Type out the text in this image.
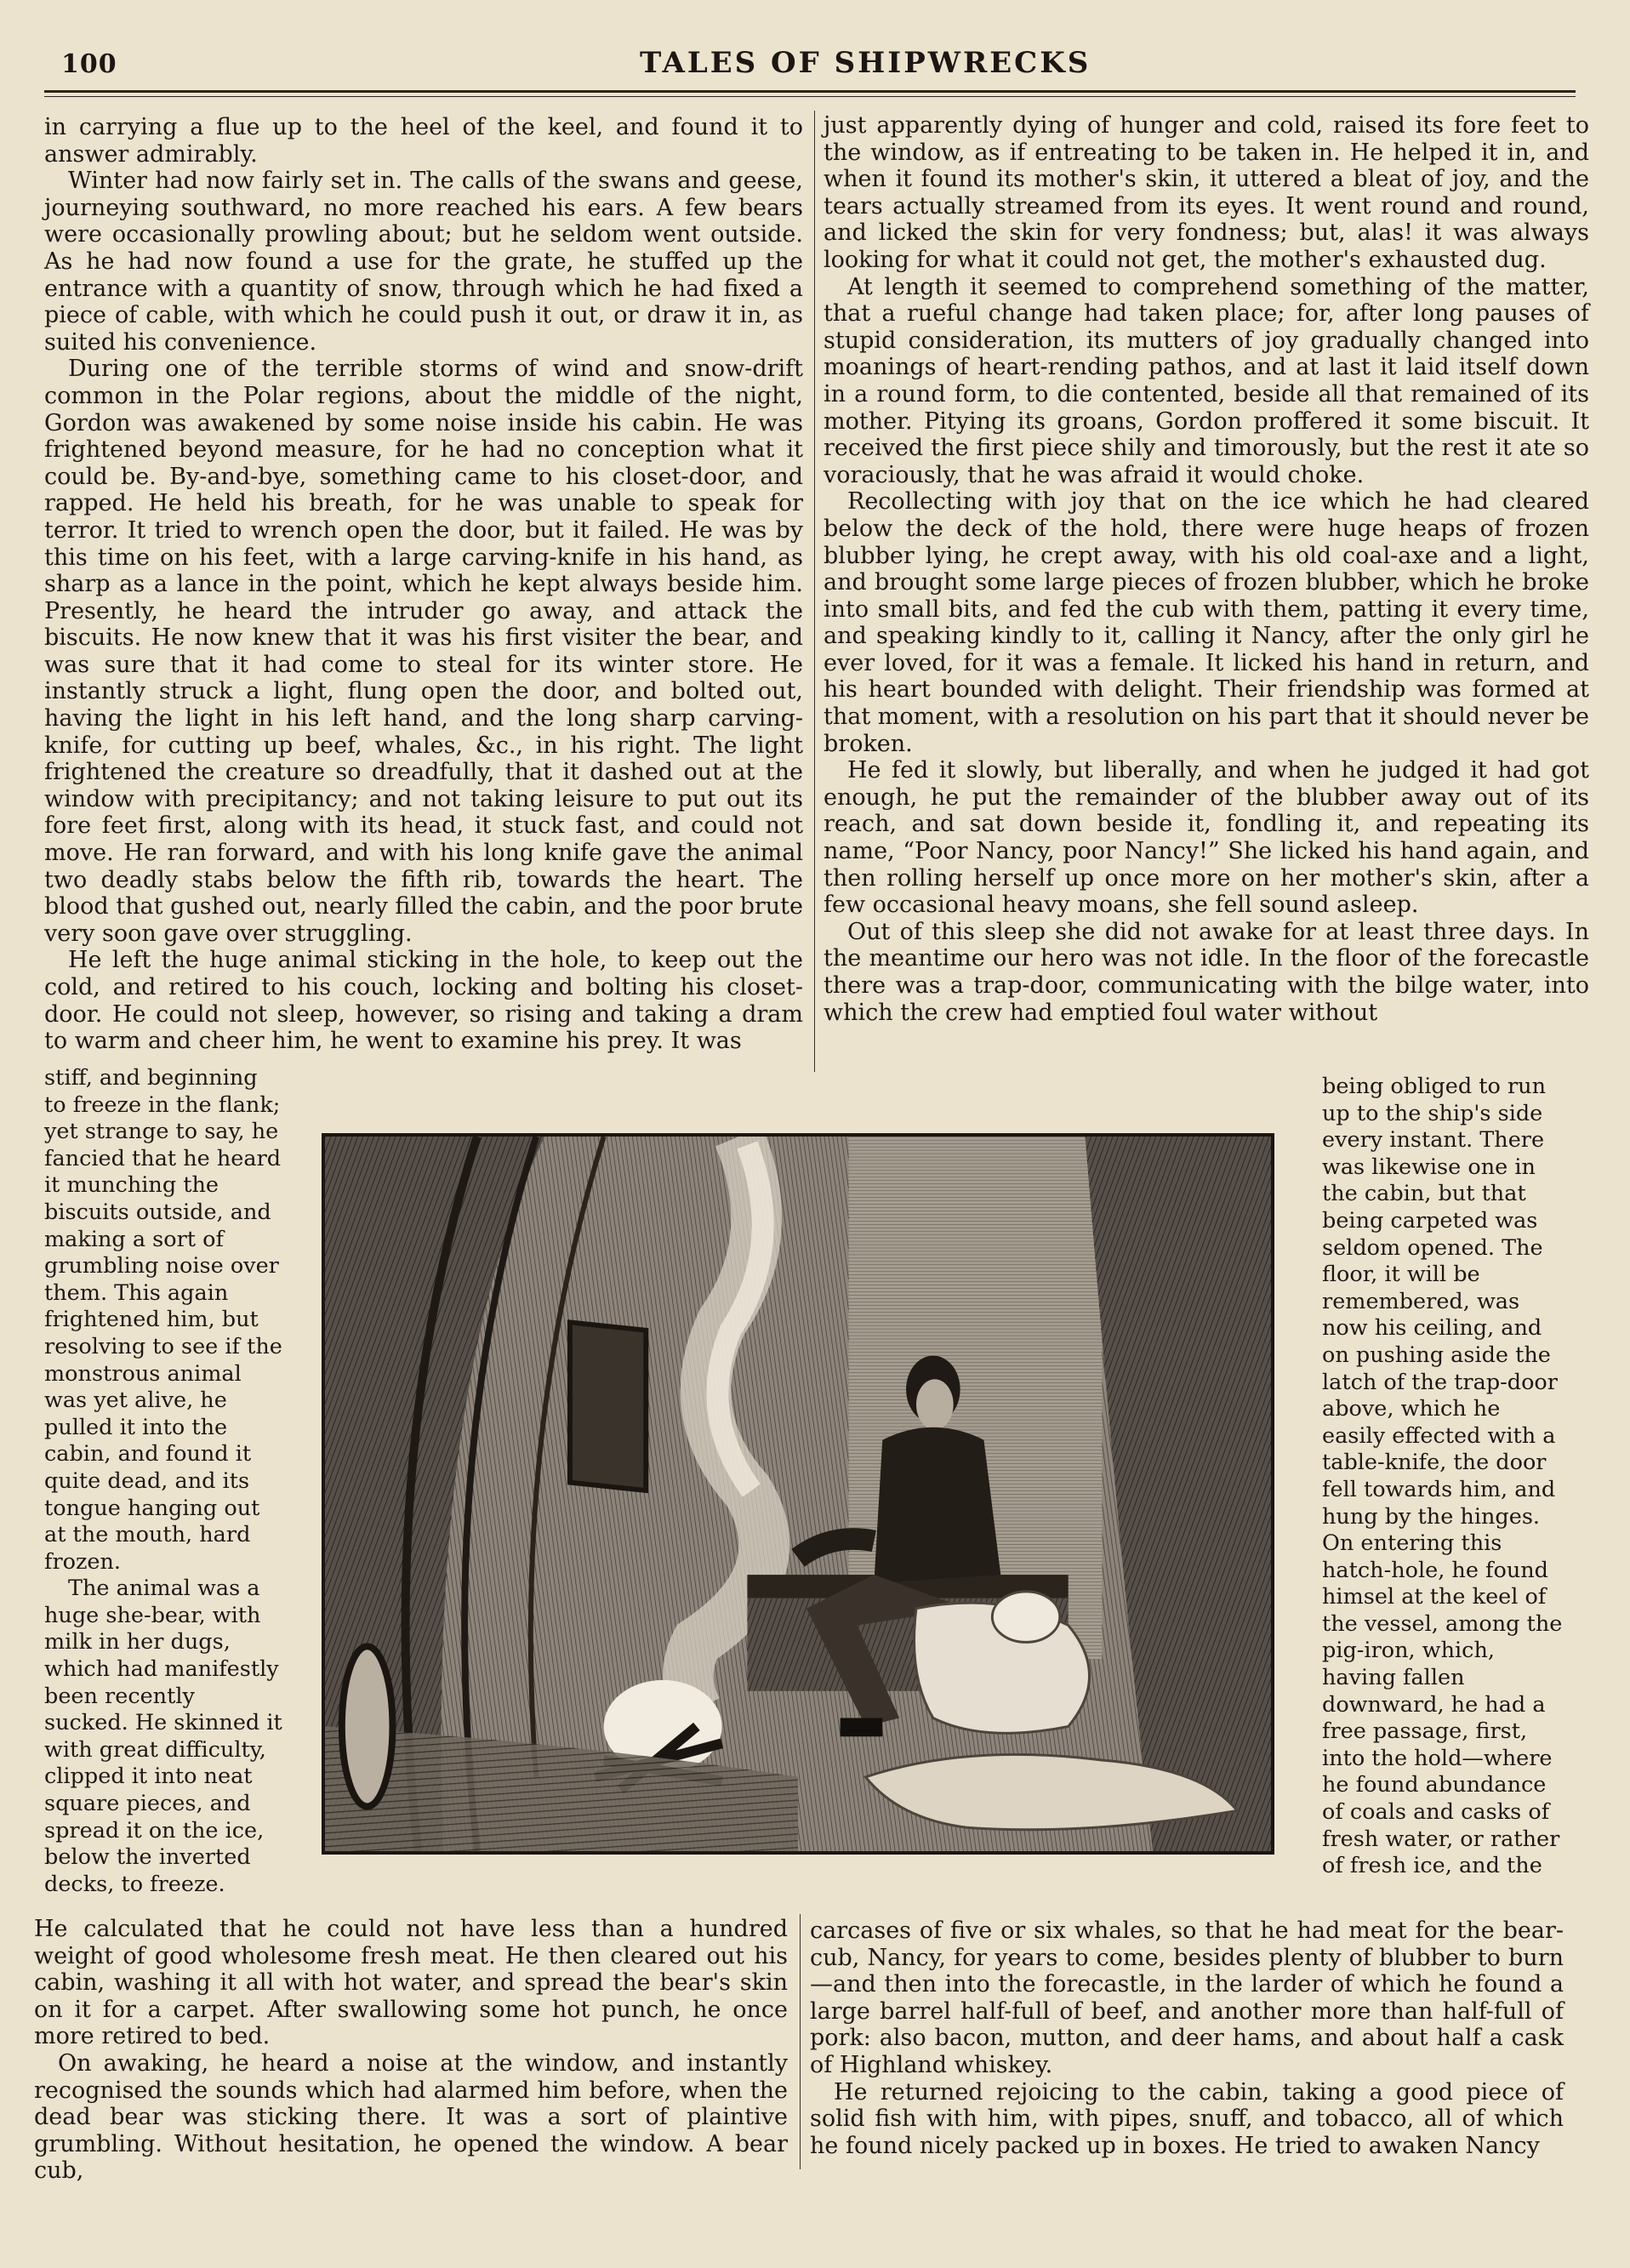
100	TALES OF SHIPWRECKS

in carrying a flue up to the heel of the keel, and found it to answer admirably.

Winter had now fairly set in. The calls of the swans and geese, journeying southward, no more reached his ears. A few bears were occasionally prowling about; but he seldom went outside. As he had now found a use for the grate, he stuffed up the entrance with a quantity of snow, through which he had fixed a piece of cable, with which he could push it out, or draw it in, as suited his convenience.

During one of the terrible storms of wind and snow-drift common in the Polar regions, about the middle of the night, Gordon was awakened by some noise inside his cabin. He was frightened beyond measure, for he had no conception what it could be. By-and-bye, something came to his closet-door, and rapped. He held his breath, for he was unable to speak for terror. It tried to wrench open the door, but it failed. He was by this time on his feet, with a large carving-knife in his hand, as sharp as a lance in the point, which he kept always beside him. Presently, he heard the intruder go away, and attack the biscuits. He now knew that it was his first visiter the bear, and was sure that it had come to steal for its winter store. He instantly struck a light, flung open the door, and bolted out, having the light in his left hand, and the long sharp carving-knife, for cutting up beef, whales, &c., in his right. The light frightened the creature so dreadfully, that it dashed out at the window with precipitancy; and not taking leisure to put out its fore feet first, along with its head, it stuck fast, and could not move. He ran forward, and with his long knife gave the animal two deadly stabs below the fifth rib, towards the heart. The blood that gushed out, nearly filled the cabin, and the poor brute very soon gave over struggling.

He left the huge animal sticking in the hole, to keep out the cold, and retired to his couch, locking and bolting his closet-door. He could not sleep, however, so rising and taking a dram to warm and cheer him, he went to examine his prey. It was

stiff, and beginning to freeze in the flank; yet strange to say, he fancied that he heard it munching the biscuits outside, and making a sort of grumbling noise over them. This again frightened him, but resolving to see if the monstrous animal was yet alive, he pulled it into the cabin, and found it quite dead, and its tongue hanging out at the mouth, hard frozen.

The animal was a huge she-bear, with milk in her dugs, which had manifestly been recently sucked. He skinned it with great difficulty, clipped it into neat square pieces, and spread it on the ice, below the inverted decks, to freeze.

He calculated that he could not have less than a hundred weight of good wholesome fresh meat. He then cleared out his cabin, washing it all with hot water, and spread the bear's skin on it for a carpet. After swallowing some hot punch, he once more retired to bed.

On awaking, he heard a noise at the window, and instantly recognised the sounds which had alarmed him before, when the dead bear was sticking there. It was a sort of plaintive grumbling. Without hesitation, he opened the window. A bear cub,

just apparently dying of hunger and cold, raised its fore feet to the window, as if entreating to be taken in. He helped it in, and when it found its mother's skin, it uttered a bleat of joy, and the tears actually streamed from its eyes. It went round and round, and licked the skin for very fondness; but, alas! it was always looking for what it could not get, the mother's exhausted dug.

At length it seemed to comprehend something of the matter, that a rueful change had taken place; for, after long pauses of stupid consideration, its mutters of joy gradually changed into moanings of heart-rending pathos, and at last it laid itself down in a round form, to die contented, beside all that remained of its mother. Pitying its groans, Gordon proffered it some biscuit. It received the first piece shily and timorously, but the rest it ate so voraciously, that he was afraid it would choke.

Recollecting with joy that on the ice which he had cleared below the deck of the hold, there were huge heaps of frozen blubber lying, he crept away, with his old coal-axe and a light, and brought some large pieces of frozen blubber, which he broke into small bits, and fed the cub with them, patting it every time, and speaking kindly to it, calling it Nancy, after the only girl he ever loved, for it was a female. It licked his hand in return, and his heart bounded with delight. Their friendship was formed at that moment, with a resolution on his part that it should never be broken.

He fed it slowly, but liberally, and when he judged it had got enough, he put the remainder of the blubber away out of its reach, and sat down beside it, fondling it, and repeating its name, “Poor Nancy, poor Nancy!” She licked his hand again, and then rolling herself up once more on her mother's skin, after a few occasional heavy moans, she fell sound asleep.

Out of this sleep she did not awake for at least three days. In the meantime our hero was not idle. In the floor of the forecastle there was a trap-door, communicating with the bilge water, into which the crew had emptied foul water without

being obliged to run up to the ship's side every instant. There was likewise one in the cabin, but that being carpeted was seldom opened. The floor, it will be remembered, was now his ceiling, and on pushing aside the latch of the trap-door above, which he easily effected with a table-knife, the door fell towards him, and hung by the hinges. On entering this hatch-hole, he found himsel at the keel of the vessel, among the pig-iron, which, having fallen downward, he had a free passage, first, into the hold—where he found abundance of coals and casks of fresh water, or rather of fresh ice, and the

carcases of five or six whales, so that he had meat for the bear-cub, Nancy, for years to come, besides plenty of blubber to burn—and then into the forecastle, in the larder of which he found a large barrel half-full of beef, and another more than half-full of pork: also bacon, mutton, and deer hams, and about half a cask of Highland whiskey.

He returned rejoicing to the cabin, taking a good piece of solid fish with him, with pipes, snuff, and tobacco, all of which he found nicely packed up in boxes. He tried to awaken Nancy
